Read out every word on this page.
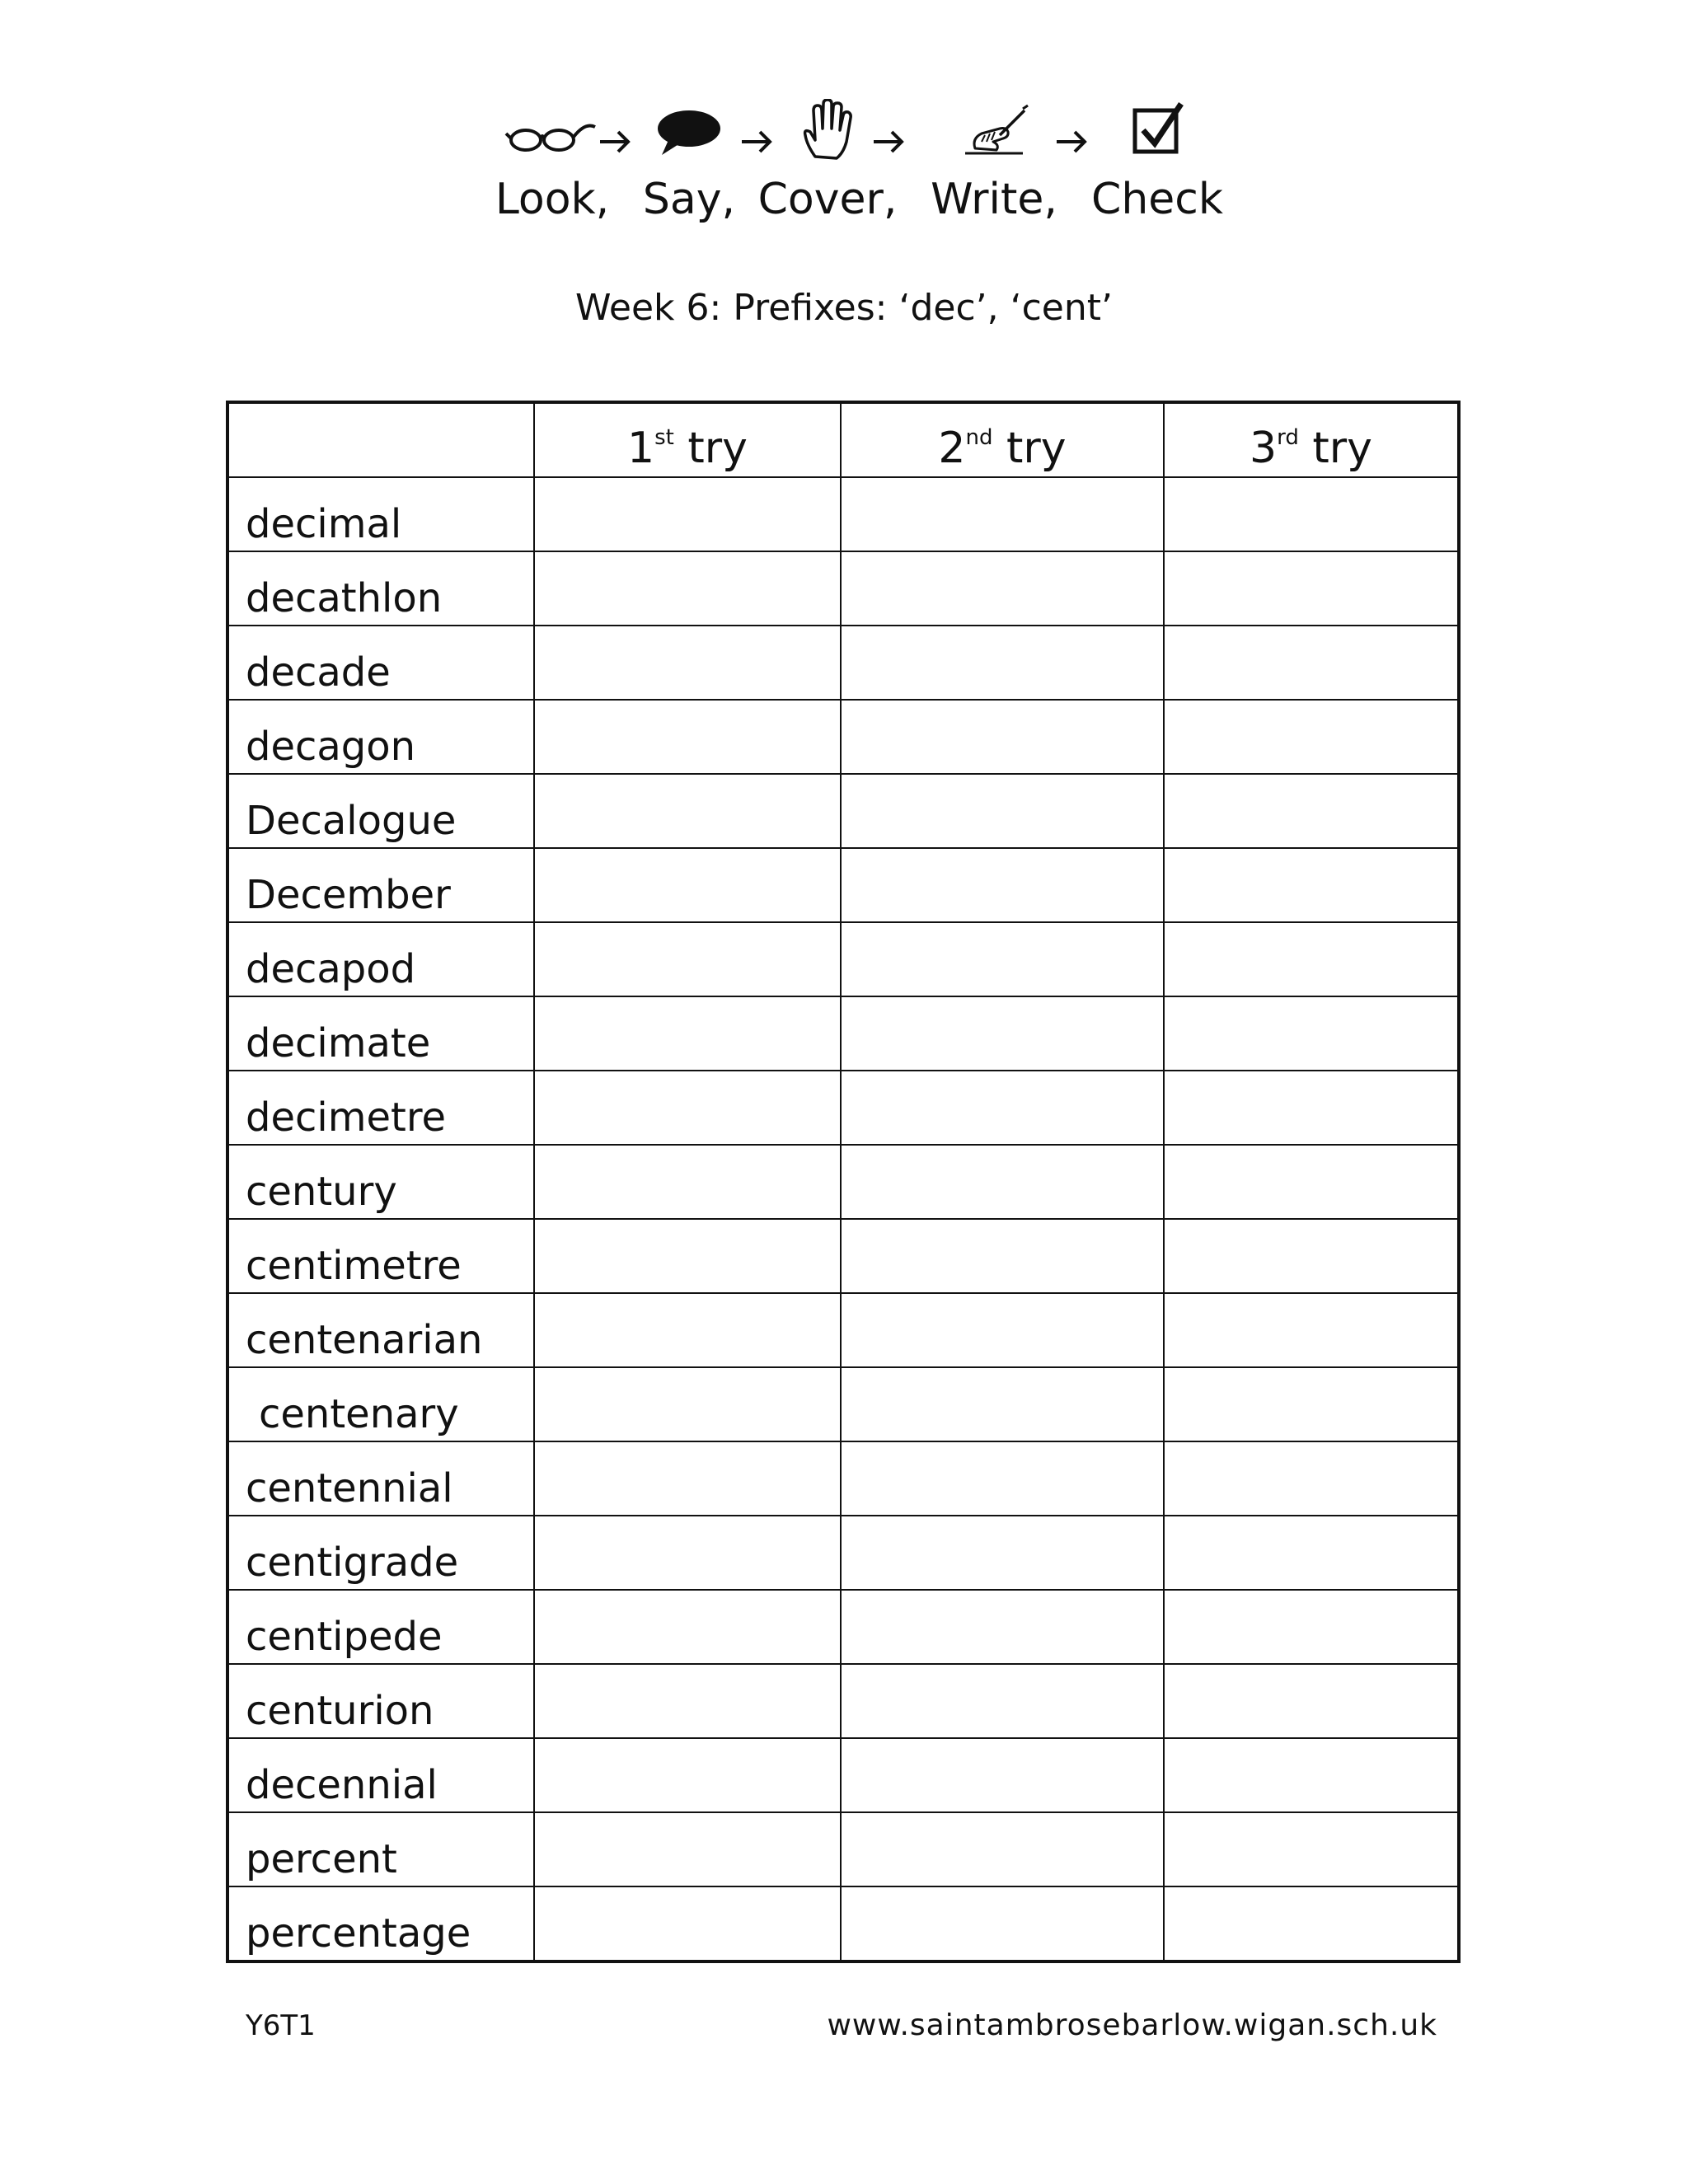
Look, Say, Cover, Write, Check
Week 6: Prefixes: ‘dec’, ‘cent’
	1st try	2nd try	3rd try
decimal			
decathlon			
decade			
decagon			
Decalogue			
December			
decapod			
decimate			
decimetre			
century			
centimetre			
centenarian			
centenary			
centennial			
centigrade			
centipede			
centurion			
decennial			
percent			
percentage			
Y6T1	www.saintambrosebarlow.wigan.sch.uk
